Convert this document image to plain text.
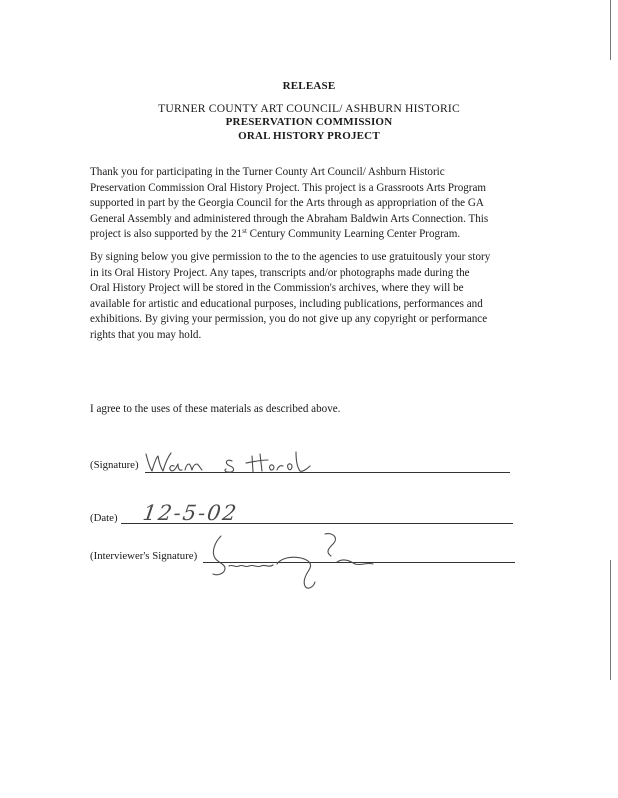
RELEASE
TURNER COUNTY ART COUNCIL/ ASHBURN HISTORIC
PRESERVATION COMMISSION
ORAL HISTORY PROJECT
Thank you for participating in the Turner County Art Council/ Ashburn Historic
Preservation Commission Oral History Project. This project is a Grassroots Arts Program
supported in part by the Georgia Council for the Arts through as appropriation of the GA
General Assembly and administered through the Abraham Baldwin Arts Connection. This
project is also supported by the 21st Century Community Learning Center Program.
By signing below you give permission to the to the agencies to use gratuitously your story
in its Oral History Project. Any tapes, transcripts and/or photographs made during the
Oral History Project will be stored in the Commission's archives, where they will be
available for artistic and educational purposes, including publications, performances and
exhibitions. By giving your permission, you do not give up any copyright or performance
rights that you may hold.
I agree to the uses of these materials as described above.
(Signature)
(Date) 12-5-02
(Interviewer's Signature)
